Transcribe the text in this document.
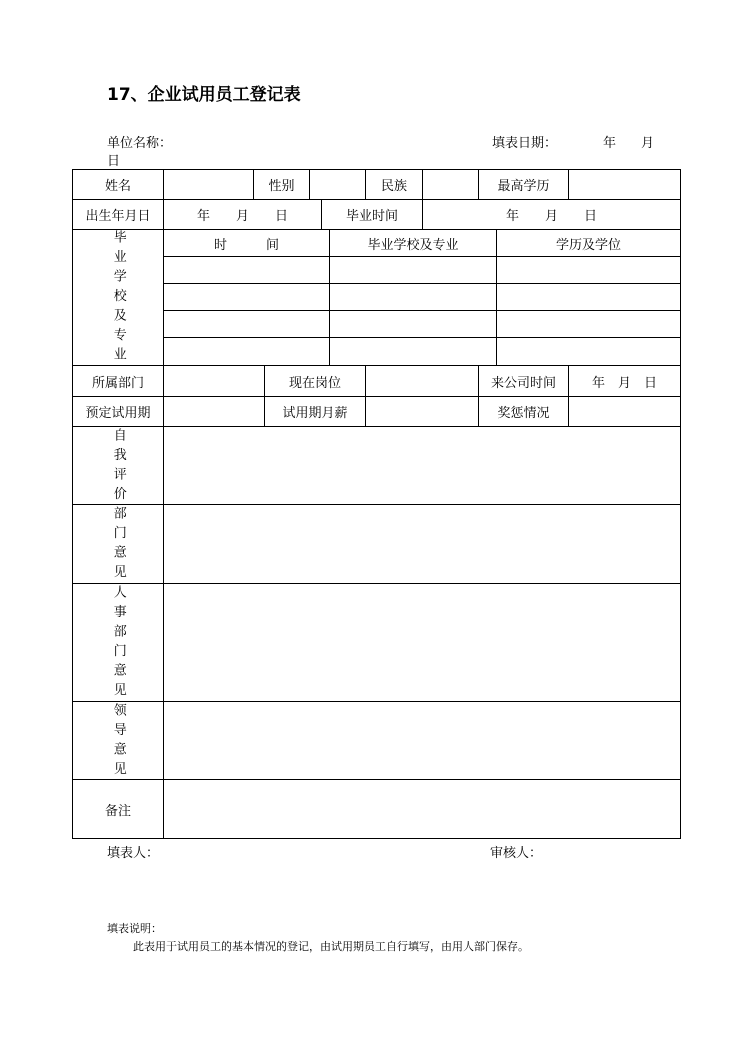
17、企业试用员工登记表
单位名称：	填表日期：	年 月
日
姓名	性别	民族	最高学历
出生年月日	年　　月　　日	毕业时间	年　　月　　日
毕业学校及专业	时　　　间	毕业学校及专业	学历及学位
所属部门	现在岗位	来公司时间	年　月　日
预定试用期	试用期月薪	奖惩情况
自我评价
部门意见
人事部门意见
领导意见
备注
填表人：	审核人：
填表说明：
此表用于试用员工的基本情况的登记，由试用期员工自行填写，由用人部门保存。
